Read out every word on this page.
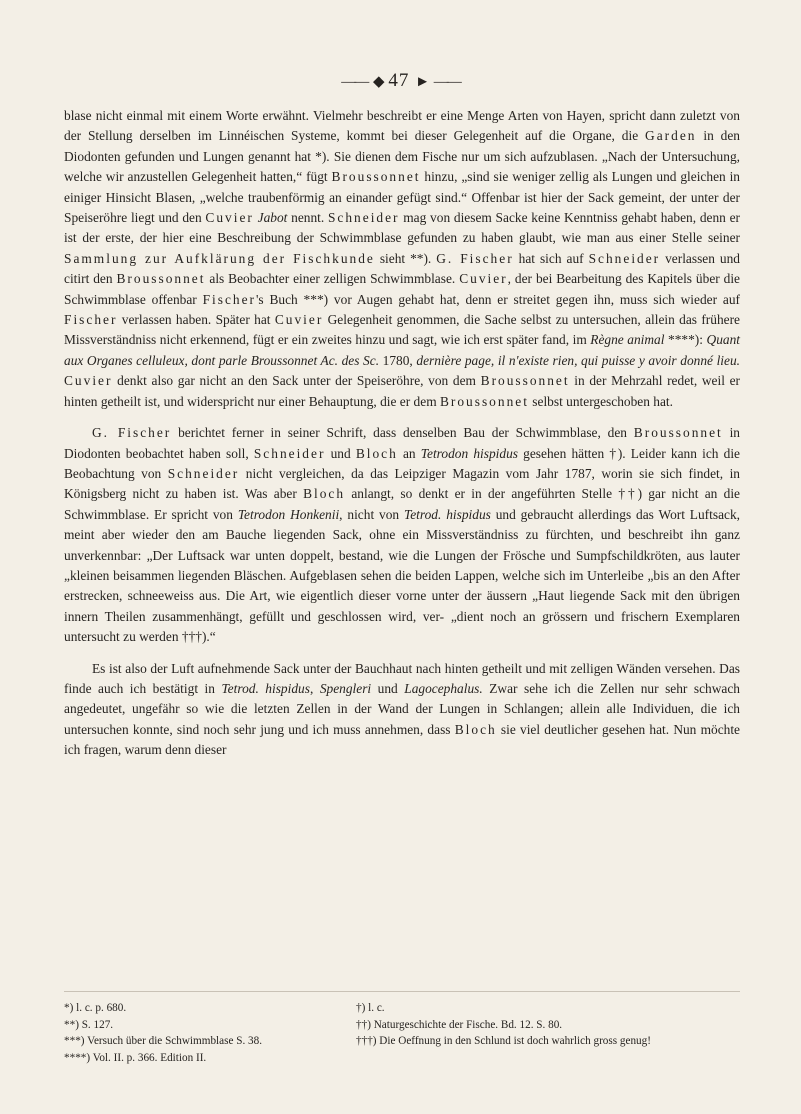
—— ◆ 47 ► ——

blase nicht einmal mit einem Worte erwähnt. Vielmehr beschreibt er eine Menge Arten von Hayen, spricht dann zuletzt von der Stellung derselben im Linnéischen Systeme, kommt bei dieser Gelegenheit auf die Organe, die Garden in den Diodonten gefunden und Lungen genannt hat *). Sie dienen dem Fische nur um sich aufzublasen. „Nach der Untersuchung, welche wir anzustellen Gelegenheit hatten,“ fügt Broussonnet hinzu, „sind sie weniger zellig als Lungen und gleichen in einiger Hinsicht Blasen, „welche traubenförmig an einander gefügt sind.“ Offenbar ist hier der Sack gemeint, der unter der Speiseröhre liegt und den Cuvier Jabot nennt. Schneider mag von diesem Sacke keine Kenntniss gehabt haben, denn er ist der erste, der hier eine Beschreibung der Schwimmblase gefunden zu haben glaubt, wie man aus einer Stelle seiner Sammlung zur Aufklärung der Fischkunde sieht **). G. Fischer hat sich auf Schneider verlassen und citirt den Broussonnet als Beobachter einer zelligen Schwimmblase. Cuvier, der bei Bearbeitung des Kapitels über die Schwimmblase offenbar Fischer's Buch ***) vor Augen gehabt hat, denn er streitet gegen ihn, muss sich wieder auf Fischer verlassen haben. Später hat Cuvier Gelegenheit genommen, die Sache selbst zu untersuchen, allein das frühere Missverständniss nicht erkennend, fügt er ein zweites hinzu und sagt, wie ich erst später fand, im Règne animal ****): Quant aux Organes celluleux, dont parle Broussonnet Ac. des Sc. 1780, dernière page, il n'existe rien, qui puisse y avoir donné lieu. Cuvier denkt also gar nicht an den Sack unter der Speiseröhre, von dem Broussonnet in der Mehrzahl redet, weil er hinten getheilt ist, und widerspricht nur einer Behauptung, die er dem Broussonnet selbst untergeschoben hat.

G. Fischer berichtet ferner in seiner Schrift, dass denselben Bau der Schwimmblase, den Broussonnet in Diodonten beobachtet haben soll, Schneider und Bloch an Tetrodon hispidus gesehen hätten †). Leider kann ich die Beobachtung von Schneider nicht vergleichen, da das Leipziger Magazin vom Jahr 1787, worin sie sich findet, in Königsberg nicht zu haben ist. Was aber Bloch anlangt, so denkt er in der angeführten Stelle ††) gar nicht an die Schwimmblase. Er spricht von Tetrodon Honkenii, nicht von Tetrod. hispidus und gebraucht allerdings das Wort Luftsack, meint aber wieder den am Bauche liegenden Sack, ohne ein Missverständniss zu fürchten, und beschreibt ihn ganz unverkennbar: „Der Luftsack war unten doppelt, bestand, wie die Lungen der Frösche und Sumpfschildkröten, aus lauter „kleinen beisammen liegenden Bläschen. Aufgeblasen sehen die beiden Lappen, welche sich im Unterleibe „bis an den After erstrecken, schneeweiss aus. Die Art, wie eigentlich dieser vorne unter der äussern „Haut liegende Sack mit den übrigen innern Theilen zusammenhängt, gefüllt und geschlossen wird, ver- „dient noch an grössern und frischern Exemplaren untersucht zu werden †††).“

Es ist also der Luft aufnehmende Sack unter der Bauchhaut nach hinten getheilt und mit zelligen Wänden versehen. Das finde auch ich bestätigt in Tetrod. hispidus, Spengleri und Lagocephalus. Zwar sehe ich die Zellen nur sehr schwach angedeutet, ungefähr so wie die letzten Zellen in der Wand der Lungen in Schlangen; allein alle Individuen, die ich untersuchen konnte, sind noch sehr jung und ich muss annehmen, dass Bloch sie viel deutlicher gesehen hat. Nun möchte ich fragen, warum denn dieser

*) l. c. p. 680.	†) l. c.
**) S. 127.	††) Naturgeschichte der Fische. Bd. 12. S. 80.
***) Versuch über die Schwimmblase S. 38.	†††) Die Oeffnung in den Schlund ist doch wahrlich gross genug!
****) Vol. II. p. 366. Edition II.
